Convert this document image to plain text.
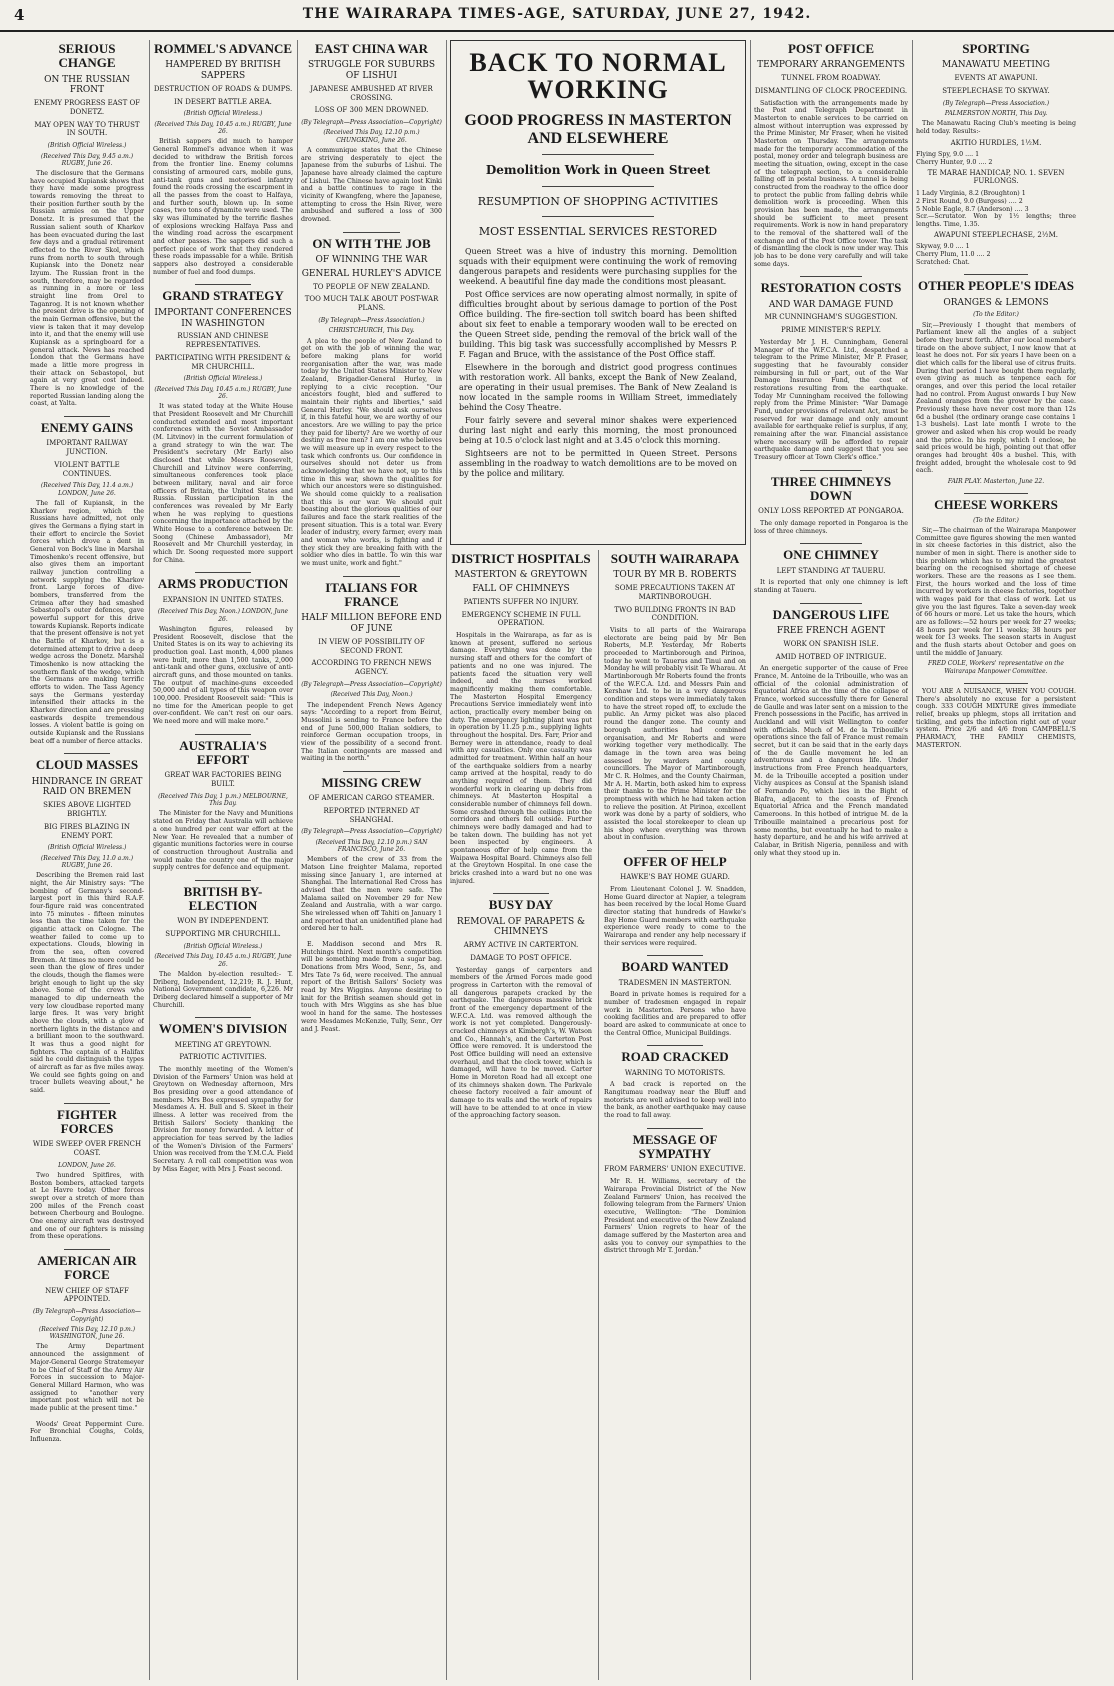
4	THE WAIRARAPA TIMES-AGE, SATURDAY, JUNE 27, 1942.
SERIOUS CHANGE
ON THE RUSSIAN FRONT
ENEMY PROGRESS EAST OF DONETZ.
MAY OPEN WAY TO THRUST IN SOUTH.
(British Official Wireless.)
(Received This Day, 9.45 a.m.) RUGBY, June 26.

The disclosure that the Germans have occupied Kupiansk shows that they have made some progress towards removing the threat to their position further south by the Russian armies on the Upper Donetz. It is presumed that the Russian salient south of Kharkov has been evacuated during the last few days and a gradual retirement effected to the River Skol, which runs from north to south through Kupiansk into the Donetz near Izyum. The Russian front in the south, therefore, may be regarded as running in a more or less straight line from Orel to Taganrog. It is not known whether the present drive is the opening of the main German offensive, but the view is taken that it may develop into it, and that the enemy will use Kupiansk as a springboard for a general attack. News has reached London that the Germans have made a little more progress in their attack on Sebastopol, but again at very great cost indeed. There is no knowledge of the reported Russian landing along the coast, at Yalta.

ENEMY GAINS
IMPORTANT RAILWAY JUNCTION.
VIOLENT BATTLE CONTINUES.
(Received This Day, 11.4 a.m.) LONDON, June 26.

The fall of Kupiansk, in the Kharkov region, which the Russians have admitted, not only gives the Germans a flying start in their effort to encircle the Soviet forces which drove a dent in General von Bock's line in Marshal Timoshenko's recent offensive, but also gives them an important railway junction controlling a network supplying the Kharkov front. Large forces of dive-bombers, transferred from the Crimea after they had smashed Sebastopol's outer defences, gave powerful support for this drive towards Kupiansk. Reports indicate that the present offensive is not yet the Battle of Kharkov, but is a determined attempt to drive a deep wedge across the Donetz. Marshal Timoshenko is now attacking the southern flank of the wedge, which the Germans are making terrific efforts to widen. The Tass Agency says the Germans yesterday intensified their attacks in the Kharkov direction and are pressing eastwards despite tremendous losses. A violent battle is going on outside Kupiansk and the Russians beat off a number of fierce attacks.

CLOUD MASSES
HINDRANCE IN GREAT RAID ON BREMEN
SKIES ABOVE LIGHTED BRIGHTLY.
BIG FIRES BLAZING IN ENEMY PORT.
(British Official Wireless.)
(Received This Day, 11.0 a.m.) RUGBY, June 26.

Describing the Bremen raid last night, the Air Ministry says: "The bombing of Germany's second-largest port in this third R.A.F. four-figure raid was concentrated into 75 minutes - fifteen minutes less than the time taken for the gigantic attack on Cologne. The weather failed to come up to expectations. Clouds, blowing in from the sea, often covered Bremen. At times no more could be seen than the glow of fires under the clouds, though the flames were bright enough to light up the sky above. Some of the crews who managed to dip underneath the very low cloudbase reported many large fires. It was very bright above the clouds, with a glow of northern lights in the distance and a brilliant moon to the southward. It was thus a good night for fighters. The captain of a Halifax said he could distinguish the types of aircraft as far as five miles away. We could see fights going on and tracer bullets weaving about," he said.

FIGHTER FORCES
WIDE SWEEP OVER FRENCH COAST.
LONDON, June 26.

Two hundred Spitfires, with Boston bombers, attacked targets at Le Havre today. Other forces swept over a stretch of more than 200 miles of the French coast between Cherbourg and Boulogne. One enemy aircraft was destroyed and one of our fighters is missing from these operations.

AMERICAN AIR FORCE
NEW CHIEF OF STAFF APPOINTED.
(By Telegraph—Press Association—Copyright)
(Received This Day, 12.10 p.m.) WASHINGTON, June 26.

The Army Department announced the assignment of Major-General George Stratemeyer to be Chief of Staff of the Army Air Forces in succession to Major-General Millard Harmon, who was assigned to "another very important post which will not be made public at the present time."

Woods' Great Peppermint Cure. For Bronchial Coughs, Colds, Influenza.

ROMMEL'S ADVANCE
HAMPERED BY BRITISH SAPPERS
DESTRUCTION OF ROADS & DUMPS.
IN DESERT BATTLE AREA.
(British Official Wireless.)
(Received This Day, 10.45 a.m.) RUGBY, June 26.

British sappers did much to hamper General Rommel's advance when it was decided to withdraw the British forces from the frontier line. Enemy columns consisting of armoured cars, mobile guns, anti-tank guns and motorised infantry found the roads crossing the escarpment in all the passes from the coast to Halfaya, and further south, blown up. In some cases, two tons of dynamite were used. The sky was illuminated by the terrific flashes of explosions wrecking Halfaya Pass and the winding road across the escarpment and other passes. The sappers did such a perfect piece of work that they rendered these roads impassable for a while. British sappers also destroyed a considerable number of fuel and food dumps.

GRAND STRATEGY
IMPORTANT CONFERENCES IN WASHINGTON
RUSSIAN AND CHINESE REPRESENTATIVES.
PARTICIPATING WITH PRESIDENT & MR CHURCHILL.
(British Official Wireless.)
(Received This Day, 10.45 a.m.) RUGBY, June 26.

It was stated today at the White House that President Roosevelt and Mr Churchill conducted extended and most important conferences with the Soviet Ambassador (M. Litvinov) in the current formulation of a grand strategy to win the war. The President's secretary (Mr Early) also disclosed that while Messrs Roosevelt, Churchill and Litvinov were conferring, simultaneous conferences took place between military, naval and air force officers of Britain, the United States and Russia. Russian participation in the conferences was revealed by Mr Early when he was replying to questions concerning the importance attached by the White House to a conference between Dr. Soong (Chinese Ambassador), Mr Roosevelt and Mr Churchill yesterday, in which Dr. Soong requested more support for China.

ARMS PRODUCTION
EXPANSION IN UNITED STATES.
(Received This Day, Noon.) LONDON, June 26.

Washington figures, released by President Roosevelt, disclose that the United States is on its way to achieving its production goal. Last month, 4,000 planes were built, more than 1,500 tanks, 2,000 anti-tank and other guns, exclusive of anti-aircraft guns, and those mounted on tanks. The output of machine-guns exceeded 50,000 and of all types of this weapon over 100,000. President Roosevelt said: "This is no time for the American people to get over-confident. We can't rest on our oars. We need more and will make more."

AUSTRALIA'S EFFORT
GREAT WAR FACTORIES BEING BUILT.
(Received This Day, 1 p.m.) MELBOURNE, This Day.

The Minister for the Navy and Munitions stated on Friday that Australia will achieve a one hundred per cent war effort at the New Year. He revealed that a number of gigantic munitions factories were in course of construction throughout Australia and would make the country one of the major supply centres for defence and equipment.

BRITISH BY-ELECTION
WON BY INDEPENDENT.
SUPPORTING MR CHURCHILL.
(British Official Wireless.)
(Received This Day, 10.45 a.m.) RUGBY, June 26.

The Maldon by-election resulted:- T. Driberg, Independent, 12,219; R. J. Hunt, National Government candidate, 6,226. Mr Driberg declared himself a supporter of Mr Churchill.

WOMEN'S DIVISION
MEETING AT GREYTOWN.
PATRIOTIC ACTIVITIES.

The monthly meeting of the Women's Division of the Farmers' Union was held at Greytown on Wednesday afternoon, Mrs Bos presiding over a good attendance of members. Mrs Bos expressed sympathy for Mesdames A. H. Bull and S. Skeet in their illness. A letter was received from the British Sailors' Society thanking the Division for money forwarded. A letter of appreciation for teas served by the ladies of the Women's Division of the Farmers' Union was received from the Y.M.C.A. Field Secretary. A roll call competition was won by Miss Eager, with Mrs J. Feast second.

EAST CHINA WAR
STRUGGLE FOR SUBURBS OF LISHUI
JAPANESE AMBUSHED AT RIVER CROSSING.
LOSS OF 300 MEN DROWNED.
(By Telegraph—Press Association—Copyright)
(Received This Day, 12.10 p.m.) CHUNGKING, June 26.

A communique states that the Chinese are striving desperately to eject the Japanese from the suburbs of Lishui. The Japanese have already claimed the capture of Lishui. The Chinese have again lost Kinki and a battle continues to rage in the vicinity of Kwangfeng, where the Japanese, attempting to cross the Hsin River, were ambushed and suffered a loss of 300 drowned.

ON WITH THE JOB
OF WINNING THE WAR
GENERAL HURLEY'S ADVICE
TO PEOPLE OF NEW ZEALAND.
TOO MUCH TALK ABOUT POST-WAR PLANS.
(By Telegraph—Press Association.)
CHRISTCHURCH, This Day.

A plea to the people of New Zealand to get on with the job of winning the war, before making plans for world reorganisation after the war, was made today by the United States Minister to New Zealand, Brigadier-General Hurley, in replying to a civic reception. "Our ancestors fought, bled and suffered to maintain their rights and liberties," said General Hurley. "We should ask ourselves if, in this fateful hour, we are worthy of our ancestors. Are we willing to pay the price they paid for liberty? Are we worthy of our destiny as free men? I am one who believes we will measure up in every respect to the task which confronts us. Our confidence in ourselves should not deter us from acknowledging that we have not, up to this time in this war, shown the qualities for which our ancestors were so distinguished. We should come quickly to a realisation that this is our war. We should quit boasting about the glorious qualities of our failures and face the stark realities of the present situation. This is a total war. Every leader of industry, every farmer, every man and woman who works, is fighting and if they stick they are breaking faith with the soldier who dies in battle. To win this war we must unite, work and fight."

ITALIANS FOR FRANCE
HALF MILLION BEFORE END OF JUNE
IN VIEW OF POSSIBILITY OF SECOND FRONT.
ACCORDING TO FRENCH NEWS AGENCY.
(By Telegraph—Press Association—Copyright)
(Received This Day, Noon.)

The independent French News Agency says: "According to a report from Beirut, Mussolini is sending to France before the end of June 500,000 Italian soldiers, to reinforce German occupation troops, in view of the possibility of a second front. The Italian contingents are massed and waiting in the north."

MISSING CREW
OF AMERICAN CARGO STEAMER.
REPORTED INTERNED AT SHANGHAI.
(By Telegraph—Press Association—Copyright)
(Received This Day, 12.10 p.m.) SAN FRANCISCO, June 26.

Members of the crew of 33 from the Matson Line freighter Malama, reported missing since January 1, are interned at Shanghai. The International Red Cross has advised that the men were safe. The Malama sailed on November 29 for New Zealand and Australia, with a war cargo. She wirelessed when off Tahiti on January 1 and reported that an unidentified plane had ordered her to halt.

E. Maddison second and Mrs R. Hutchings third. Next month's competition will be something made from a sugar bag. Donations from Mrs Wood, Senr., 5s, and Mrs Tate 7s 6d, were received. The annual report of the British Sailors' Society was read by Mrs Wiggins. Anyone desiring to knit for the British seamen should get in touch with Mrs Wiggins as she has blue wool in hand for the same. The hostesses were Mesdames McKenzie, Tully, Senr., Orr and J. Feast.

BACK TO NORMAL WORKING
GOOD PROGRESS IN MASTERTON AND ELSEWHERE
Demolition Work in Queen Street
RESUMPTION OF SHOPPING ACTIVITIES
MOST ESSENTIAL SERVICES RESTORED

Queen Street was a hive of industry this morning. Demolition squads with their equipment were continuing the work of removing dangerous parapets and residents were purchasing supplies for the weekend. A beautiful fine day made the conditions most pleasant.

Post Office services are now operating almost normally, in spite of difficulties brought about by serious damage to portion of the Post Office building. The fire-section toll switch board has been shifted about six feet to enable a temporary wooden wall to be erected on the Queen Street side, pending the removal of the brick wall of the building. This big task was successfully accomplished by Messrs P. F. Fagan and Bruce, with the assistance of the Post Office staff.

Elsewhere in the borough and district good progress continues with restoration work. All banks, except the Bank of New Zealand, are operating in their usual premises. The Bank of New Zealand is now located in the sample rooms in William Street, immediately behind the Cosy Theatre.

Four fairly severe and several minor shakes were experienced during last night and early this morning, the most pronounced being at 10.5 o'clock last night and at 3.45 o'clock this morning.

Sightseers are not to be permitted in Queen Street. Persons assembling in the roadway to watch demolitions are to be moved on by the police and military.

DISTRICT HOSPITALS
MASTERTON & GREYTOWN
FALL OF CHIMNEYS
PATIENTS SUFFER NO INJURY.
EMERGENCY SCHEME IN FULL OPERATION.

Hospitals in the Wairarapa, as far as is known at present, suffered no serious damage. Everything was done by the nursing staff and others for the comfort of patients and no one was injured. The patients faced the situation very well indeed, and the nurses worked magnificently making them comfortable. The Masterton Hospital Emergency Precautions Service immediately went into action, practically every member being on duty. The emergency lighting plant was put in operation by 11.25 p.m., supplying lights throughout the hospital. Drs. Farr, Prior and Berney were in attendance, ready to deal with any casualties. Only one casualty was admitted for treatment. Within half an hour of the earthquake soldiers from a nearby camp arrived at the hospital, ready to do anything required of them. They did wonderful work in clearing up debris from chimneys. At Masterton Hospital a considerable number of chimneys fell down. Some crashed through the ceilings into the corridors and others fell outside. Further chimneys were badly damaged and had to be taken down. The building has not yet been inspected by engineers. A spontaneous offer of help came from the Waipawa Hospital Board. Chimneys also fell at the Greytown Hospital. In one case the bricks crashed into a ward but no one was injured.

BUSY DAY
REMOVAL OF PARAPETS & CHIMNEYS
ARMY ACTIVE IN CARTERTON.
DAMAGE TO POST OFFICE.

Yesterday gangs of carpenters and members of the Armed Forces made good progress in Carterton with the removal of all dangerous parapets cracked by the earthquake. The dangerous massive brick front of the emergency department of the W.F.C.A. Ltd. was removed although the work is not yet completed. Dangerously-cracked chimneys at Kimbergh's, W. Watson and Co., Hannah's, and the Carterton Post Office were removed. It is understood the Post Office building will need an extensive overhaul, and that the clock tower, which is damaged, will have to be moved. Carter Home in Moreton Road had all except one of its chimneys shaken down. The Parkvale cheese factory received a fair amount of damage to its walls and the work of repairs will have to be attended to at once in view of the approaching factory season.

SOUTH WAIRARAPA
TOUR BY MR B. ROBERTS
SOME PRECAUTIONS TAKEN AT MARTINBOROUGH.
TWO BUILDING FRONTS IN BAD CONDITION.

Visits to all parts of the Wairarapa electorate are being paid by Mr Ben Roberts, M.P. Yesterday, Mr Roberts proceeded to Martinborough and Pirinoa, today he went to Tauerus and Tinui and on Monday he will probably visit Te Wharau. At Martinborough Mr Roberts found the fronts of the W.F.C.A. Ltd. and Messrs Pain and Kershaw Ltd. to be in a very dangerous condition and steps were immediately taken to have the street roped off, to exclude the public. An Army picket was also placed round the danger zone. The county and borough authorities had combined organisation, and Mr Roberts and were working together very methodically. The damage in the town area was being assessed by warders and county councillors. The Mayor of Martinborough, Mr C. R. Holmes, and the County Chairman, Mr A. H. Martin, both asked him to express their thanks to the Prime Minister for the promptness with which he had taken action to relieve the position. At Pirinoa, excellent work was done by a party of soldiers, who assisted the local storekeeper to clean up his shop where everything was thrown about in confusion.

OFFER OF HELP
HAWKE'S BAY HOME GUARD.

From Lieutenant Colonel J. W. Snadden, Home Guard director at Napier, a telegram has been received by the local Home Guard director stating that hundreds of Hawke's Bay Home Guard members with earthquake experience were ready to come to the Wairarapa and render any help necessary if their services were required.

BOARD WANTED
TRADESMEN IN MASTERTON.

Board in private homes is required for a number of tradesmen engaged in repair work in Masterton. Persons who have cooking facilities and are prepared to offer board are asked to communicate at once to the Central Office, Municipal Buildings.

ROAD CRACKED
WARNING TO MOTORISTS.

A bad crack is reported on the Rangitumau roadway near the Bluff and motorists are well advised to keep well into the bank, as another earthquake may cause the road to fall away.

MESSAGE OF SYMPATHY
FROM FARMERS' UNION EXECUTIVE.

Mr R. H. Williams, secretary of the Wairarapa Provincial District of the New Zealand Farmers' Union, has received the following telegram from the Farmers' Union executive, Wellington: "The Dominion President and executive of the New Zealand Farmers' Union regrets to hear of the damage suffered by the Masterton area and asks you to convey our sympathies to the district through Mr T. Jordan."

POST OFFICE
TEMPORARY ARRANGEMENTS
TUNNEL FROM ROADWAY.
DISMANTLING OF CLOCK PROCEEDING.

Satisfaction with the arrangements made by the Post and Telegraph Department in Masterton to enable services to be carried on almost without interruption was expressed by the Prime Minister, Mr Fraser, when he visited Masterton on Thursday. The arrangements made for the temporary accommodation of the postal, money order and telegraph business are meeting the situation, owing, except in the case of the telegraph section, to a considerable falling off in postal business. A tunnel is being constructed from the roadway to the office door to protect the public from falling debris while demolition work is proceeding. When this provision has been made, the arrangements should be sufficient to meet present requirements. Work is now in hand preparatory to the removal of the shattered wall of the exchange and of the Post Office tower. The task of dismantling the clock is now under way. This job has to be done very carefully and will take some days.

RESTORATION COSTS
AND WAR DAMAGE FUND
MR CUNNINGHAM'S SUGGESTION.
PRIME MINISTER'S REPLY.

Yesterday Mr J. H. Cunningham, General Manager of the W.F.C.A. Ltd., despatched a telegram to the Prime Minister, Mr P. Fraser, suggesting that he favourably consider reimbursing in full or part, out of the War Damage Insurance Fund, the cost of restorations resulting from the earthquake. Today Mr Cunningham received the following reply from the Prime Minister: "War Damage Fund, under provisions of relevant Act, must be reserved for war damage and only amount available for earthquake relief is surplus, if any, remaining after the war. Financial assistance where necessary will be afforded to repair earthquake damage and suggest that you see Treasury officer at Town Clerk's office."

THREE CHIMNEYS DOWN
ONLY LOSS REPORTED AT PONGAROA.

The only damage reported in Pongaroa is the loss of three chimneys.

ONE CHIMNEY
LEFT STANDING AT TAUERU.

It is reported that only one chimney is left standing at Taueru.

DANGEROUS LIFE
FREE FRENCH AGENT
WORK ON SPANISH ISLE.
AMID HOTBED OF INTRIGUE.

An energetic supporter of the cause of Free France, M. Antoine de la Tribouille, who was an official of the colonial administration of Equatorial Africa at the time of the collapse of France, worked successfully there for General de Gaulle and was later sent on a mission to the French possessions in the Pacific, has arrived in Auckland and will visit Wellington to confer with officials. Much of M. de la Tribouille's operations since the fall of France must remain secret, but it can be said that in the early days of the de Gaulle movement he led an adventurous and a dangerous life. Under instructions from Free French headquarters, M. de la Tribouille accepted a position under Vichy auspices as Consul at the Spanish island of Fernando Po, which lies in the Bight of Biafra, adjacent to the coasts of French Equatorial Africa and the French mandated Cameroons. In this hotbed of intrigue M. de la Tribouille maintained a precarious post for some months, but eventually he had to make a hasty departure, and he and his wife arrived at Calabar, in British Nigeria, penniless and with only what they stood up in.

SPORTING
MANAWATU MEETING
EVENTS AT AWAPUNI.
STEEPLECHASE TO SKYWAY.
(By Telegraph—Press Association.)
PALMERSTON NORTH, This Day.

The Manawatu Racing Club's meeting is being held today. Results:-

AKITIO HURDLES, 1½M.
Flying Spy, 9.0 .... 1
Cherry Hunter, 9.0 .... 2
TE MARAE HANDICAP, NO. 1. SEVEN FURLONGS.
1 Lady Virginia, 8.2 (Broughton) 1
2 First Round, 9.0 (Burgess) .... 2
5 Noble Eagle, 8.7 (Anderson) .... 3
Scr.—Scrutator. Won by 1½ lengths; three lengths. Time, 1.35.
AWAPUNI STEEPLECHASE, 2½M.
Skyway, 9.0 .... 1
Cherry Plum, 11.0 .... 2
Scratched: Chat.
OTHER PEOPLE'S IDEAS
ORANGES & LEMONS
(To the Editor.)

Sir,—Previously I thought that members of Parliament knew all the angles of a subject before they burst forth. After our local member's tirade on the above subject, I now know that at least he does not. For six years I have been on a diet which calls for the liberal use of citrus fruits. During that period I have bought them regularly, even giving as much as tenpence each for oranges, and over this period the local retailer had no control. From August onwards I buy New Zealand oranges from the grower by the case. Previously these have never cost more than 12s 6d a bushel (the ordinary orange case contains 1 1-3 bushels). Last late month I wrote to the grower and asked when his crop would be ready and the price. In his reply, which I enclose, he said prices would be high, pointing out that offer oranges had brought 40s a bushel. This, with freight added, brought the wholesale cost to 9d each.

FAIR PLAY. Masterton, June 22.
CHEESE WORKERS
(To the Editor.)

Sir,—The chairman of the Wairarapa Manpower Committee gave figures showing the men wanted in six cheese factories in this district, also the number of men in sight. There is another side to this problem which has to my mind the greatest bearing on the recognised shortage of cheese workers. These are the reasons as I see them. First, the hours worked and the loss of time incurred by workers in cheese factories, together with wages paid for that class of work. Let us give you the last figures. Take a seven-day week of 66 hours or more. Let us take the hours, which are as follows:—52 hours per week for 27 weeks; 48 hours per week for 11 weeks; 38 hours per week for 13 weeks. The season starts in August and the flush starts about October and goes on until the middle of January.

FRED COLE, Workers' representative on the Wairarapa Manpower Committee.

YOU ARE A NUISANCE, WHEN YOU COUGH. There's absolutely no excuse for a persistent cough. 333 COUGH MIXTURE gives immediate relief, breaks up phlegm, stops all irritation and tickling, and gets the infection right out of your system. Price 2/6 and 4/6 from CAMPBELL'S PHARMACY, THE FAMILY CHEMISTS, MASTERTON.
